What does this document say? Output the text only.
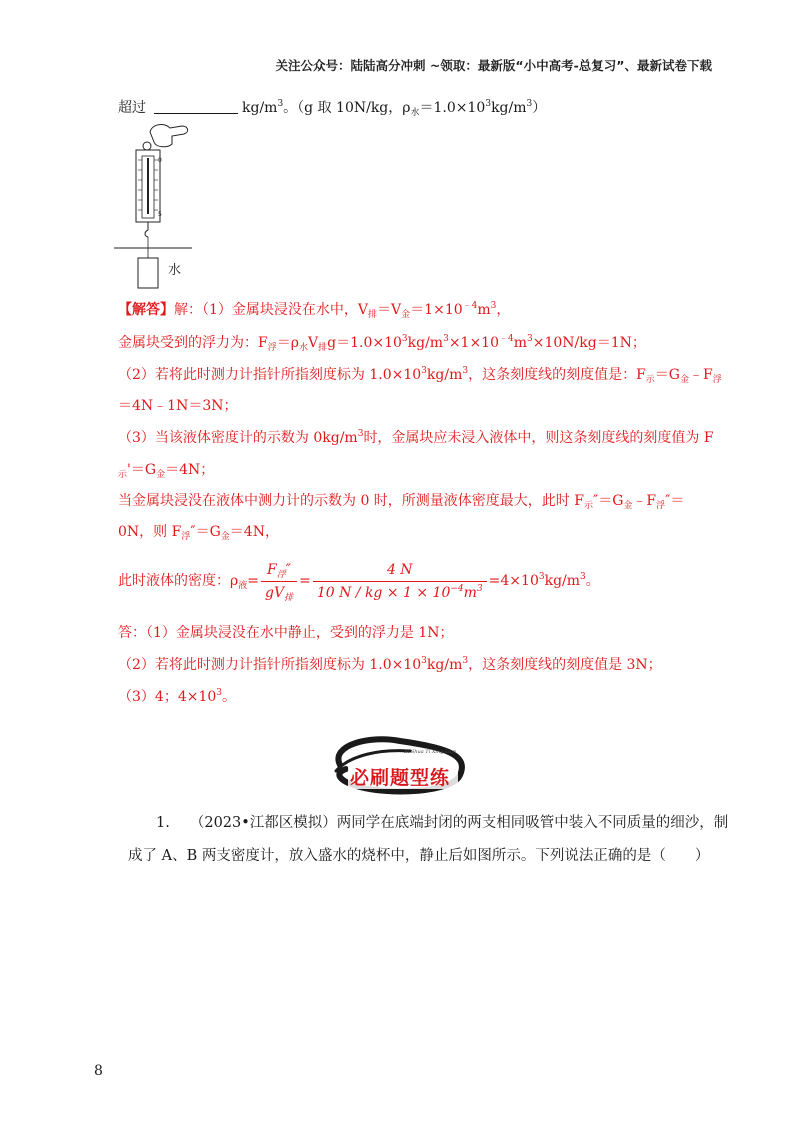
关注公众号：陆陆高分冲刺 ~领取：最新版“小中高考-总复习”、最新试卷下载
超过	$kg/m^3$。（g 取 10N/kg，$\rho_水=1.0\times 10^3kg/m^3$）
0
5
水
【解答】解：（1）金属块浸没在水中，$V_排=V_金=1\times 10^{﹣4}m^3$，
金属块受到的浮力为：$F_浮=\rho_水V_排g=1.0\times 10^3kg/m^3\times 1\times 10^{﹣4}m^3\times 10N/kg=1N$；
（2）若将此时测力计指针所指刻度标为 $1.0\times 10^3kg/m^3$，这条刻度线的刻度值是：$F_示=G_金﹣F_浮$
＝4N﹣1N＝3N；
（3）当该液体密度计的示数为 $0kg/m^3$时，金属块应未浸入液体中，则这条刻度线的刻度值为 F
$_示'=G_金=4N$；
当金属块浸没在液体中测力计的示数为 0 时，所测量液体密度最大，此时 $F_示''=G_金﹣F_浮''=$
0N，则 $F_浮''=G_金=4N$，
此时液体的密度：$\rho_液= \frac{F_浮''}{gV_排} = \frac{4 N}{10 N / kg \times 1 \times 10^{-4}m^3} =4\times 10^3kg/m^3$。
答：（1）金属块浸没在水中静止，受到的浮力是 1N；
（2）若将此时测力计指针所指刻度标为 $1.0\times 10^3kg/m^3$，这条刻度线的刻度值是 3N；
（3）4；$4\times 10^3$。
Bi Shua Ti Xing Lian
必刷题型练
1. （2023•江都区模拟）两同学在底端封闭的两支相同吸管中装入不同质量的细沙，制
成了 A、B 两支密度计，放入盛水的烧杯中，静止后如图所示。下列说法正确的是（　　）
8
